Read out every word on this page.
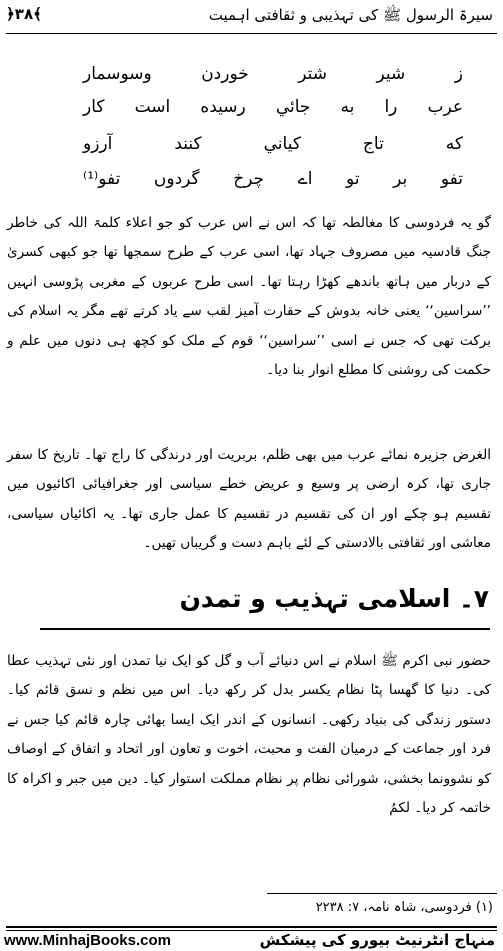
سیرۃ الرسول ﷺ کی تہذیبی و ثقافتی اہمیت
﴿۳۸﴾
ز شیر شتر خوردن وسوسمار
عرب را به جائي رسيده است كار
كه تاج كياني كنند آرزو
تفو بر تو اے چرخ گردوں تفو⁽¹⁾
گو یہ فردوسی کا مغالطہ تھا کہ اس نے اس عرب کو جو اعلاء کلمۃ اللہ کی خاطر جنگ قادسیہ میں مصروف جہاد تھا، اسی عرب کے طرح سمجھا تھا جو کبھی کسریٰ کے دربار میں ہاتھ باندھے کھڑا رہتا تھا۔ اسی طرح عربوں کے مغربی پڑوسی انہیں ’’سراسین‘‘ یعنی خانہ بدوش کے حقارت آمیز لقب سے یاد کرتے تھے مگر یہ اسلام کی برکت تھی کہ جس نے اسی ’’سراسین‘‘ قوم کے ملک کو کچھ ہی دنوں میں علم و حکمت کی روشنی کا مطلع انوار بنا دیا۔
الغرض جزیرہ نمائے عرب میں بھی ظلم، بربریت اور درندگی کا راج تھا۔ تاریخ کا سفر جاری تھا، کرہ ارضی پر وسیع و عریض خطے سیاسی اور جغرافیائی اکائیوں میں تقسیم ہو چکے اور ان کی تقسیم در تقسیم کا عمل جاری تھا۔ یہ اکائیاں سیاسی، معاشی اور ثقافتی بالادستی کے لئے باہم دست و گریباں تھیں۔
۷۔ اسلامی تہذیب و تمدن
حضور نبی اکرم ﷺ اسلام نے اس دنیائے آب و گل کو ایک نیا تمدن اور نئی تہذیب عطا کی۔ دنیا کا گھسا پٹا نظام یکسر بدل کر رکھ دیا۔ اس میں نظم و نسق قائم کیا۔ دستور زندگی کی بنیاد رکھی۔ انسانوں کے اندر ایک ایسا بھائی چارہ قائم کیا جس نے فرد اور جماعت کے درمیان الفت و محبت، اخوت و تعاون اور اتحاد و اتفاق کے اوصاف کو نشوونما بخشی، شورائی نظام پر نظام مملکت استوار کیا۔ دین میں جبر و اکراہ کا خاتمہ کر دیا۔ لکمُ
(۱) فردوسی، شاہ نامہ، ۷: ۲۲۳۸
www.MinhajBooks.com	منہاج انٹرنیٹ بیورو کی پیشکش
